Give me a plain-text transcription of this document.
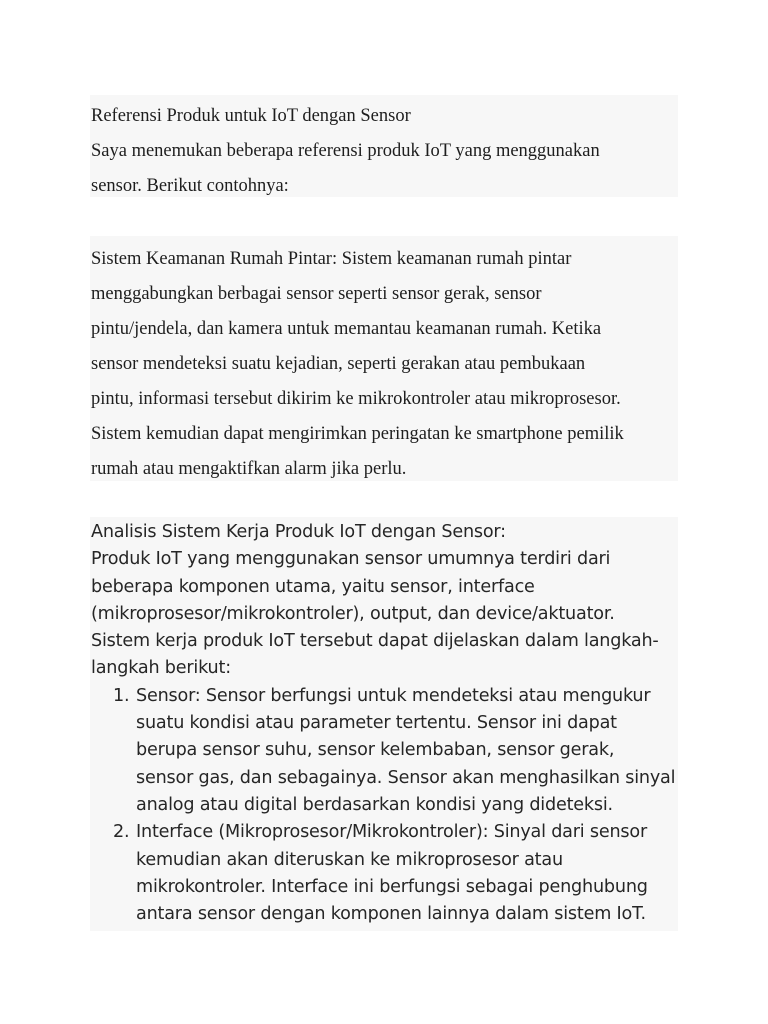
Referensi Produk untuk IoT dengan Sensor

Saya menemukan beberapa referensi produk IoT yang menggunakan

sensor. Berikut contohnya:

Sistem Keamanan Rumah Pintar: Sistem keamanan rumah pintar

menggabungkan berbagai sensor seperti sensor gerak, sensor

pintu/jendela, dan kamera untuk memantau keamanan rumah. Ketika

sensor mendeteksi suatu kejadian, seperti gerakan atau pembukaan

pintu, informasi tersebut dikirim ke mikrokontroler atau mikroprosesor.

Sistem kemudian dapat mengirimkan peringatan ke smartphone pemilik

rumah atau mengaktifkan alarm jika perlu.

Analisis Sistem Kerja Produk IoT dengan Sensor:

Produk IoT yang menggunakan sensor umumnya terdiri dari

beberapa komponen utama, yaitu sensor, interface

(mikroprosesor/mikrokontroler), output, dan device/aktuator.

Sistem kerja produk IoT tersebut dapat dijelaskan dalam langkah-

langkah berikut:

1. Sensor: Sensor berfungsi untuk mendeteksi atau mengukur

suatu kondisi atau parameter tertentu. Sensor ini dapat

berupa sensor suhu, sensor kelembaban, sensor gerak,

sensor gas, dan sebagainya. Sensor akan menghasilkan sinyal

analog atau digital berdasarkan kondisi yang dideteksi.

2. Interface (Mikroprosesor/Mikrokontroler): Sinyal dari sensor

kemudian akan diteruskan ke mikroprosesor atau

mikrokontroler. Interface ini berfungsi sebagai penghubung

antara sensor dengan komponen lainnya dalam sistem IoT.
